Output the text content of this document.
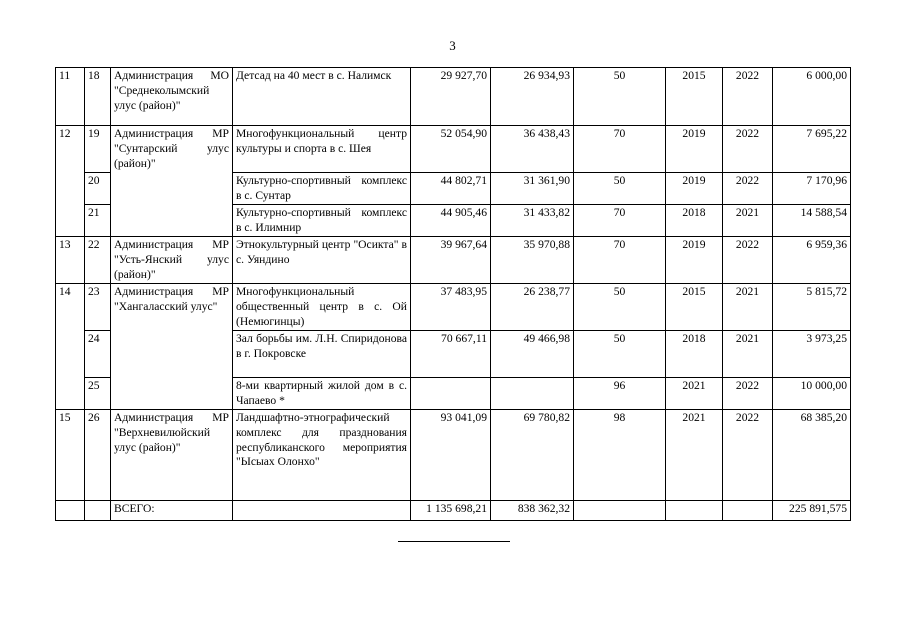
3
11	18	Администрация МО "Среднеколымский улус (район)"	Детсад на 40 мест в с. Налимск	29 927,70	26 934,93	50	2015	2022	6 000,00
12	19	Администрация МР "Сунтарский улус (район)"	Многофункциональный центр культуры и спорта в с. Шея	52 054,90	36 438,43	70	2019	2022	7 695,22
	20		Культурно-спортивный комплекс в с. Сунтар	44 802,71	31 361,90	50	2019	2022	7 170,96
	21		Культурно-спортивный комплекс в с. Илимнир	44 905,46	31 433,82	70	2018	2021	14 588,54
13	22	Администрация МР "Усть-Янский улус (район)"	Этнокультурный центр "Осикта" в с. Уяндино	39 967,64	35 970,88	70	2019	2022	6 959,36
14	23	Администрация МР "Хангаласский улус"	Многофункциональный общественный центр в с. Ой (Немюгинцы)	37 483,95	26 238,77	50	2015	2021	5 815,72
	24		Зал борьбы им. Л.Н. Спиридонова в г. Покровске	70 667,11	49 466,98	50	2018	2021	3 973,25
	25		8-ми квартирный жилой дом в с. Чапаево *			96	2021	2022	10 000,00
15	26	Администрация МР "Верхневилюйский улус (район)"	Ландшафтно-этнографический комплекс для празднования республиканского мероприятия "Ысыах Олонхо"	93 041,09	69 780,82	98	2021	2022	68 385,20
		ВСЕГО:		1 135 698,21	838 362,32				225 891,575
